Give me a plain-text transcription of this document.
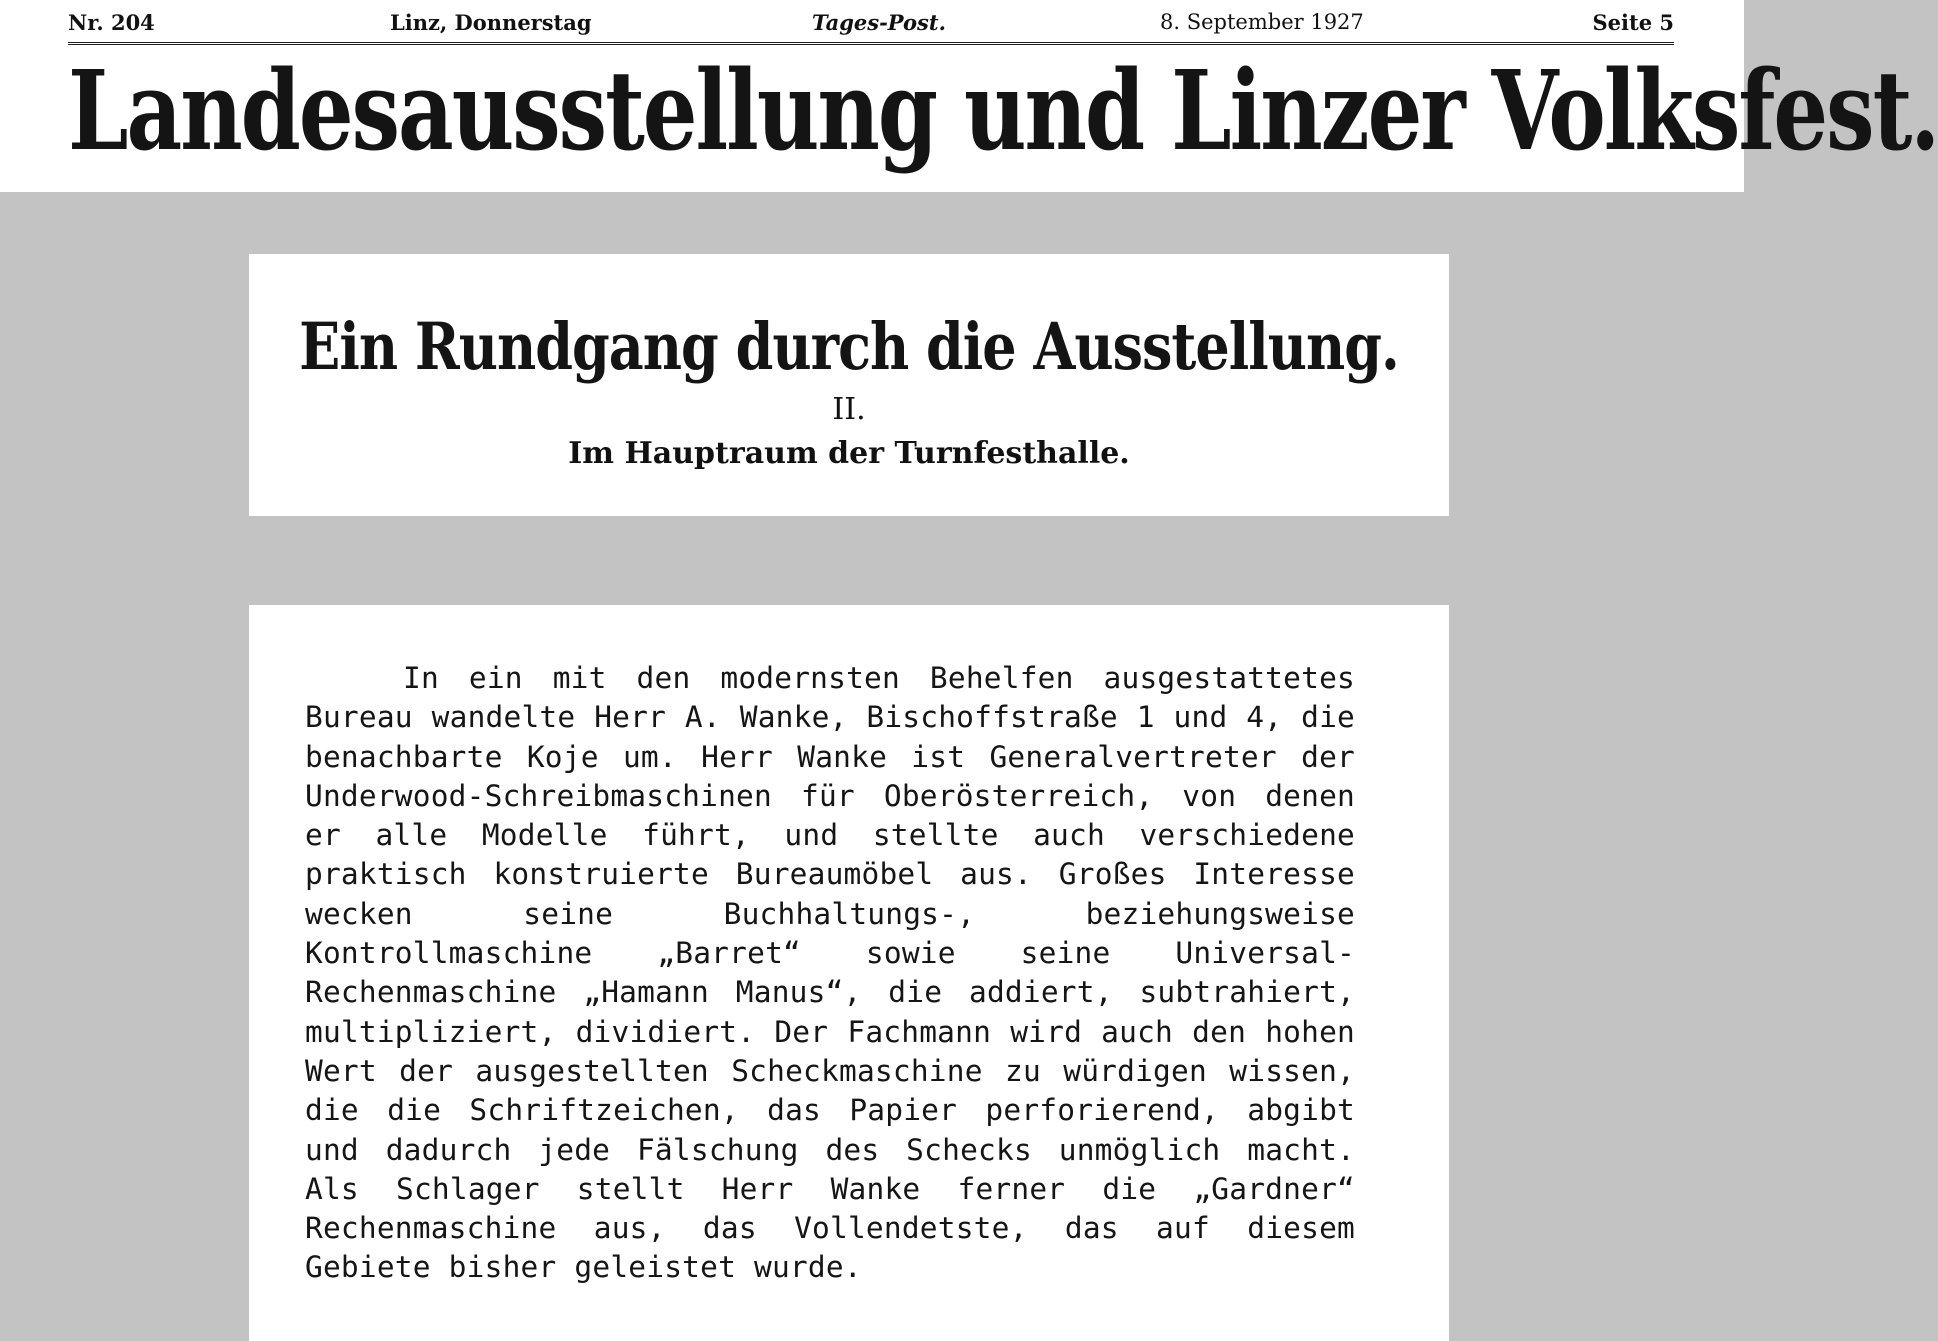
Nr. 204	Linz, Donnerstag	Tages-Post.	8. September 1927	Seite 5
Landesausstellung und Linzer Volksfest.
Ein Rundgang durch die Ausstellung.
II.
Im Hauptraum der Turnfesthalle.

In ein mit den modernsten Behelfen ausgestattetes Bureau wandelte Herr A. Wanke, Bischoffstraße 1 und 4, die benachbarte Koje um. Herr Wanke ist Generalvertreter der Underwood-Schreibmaschinen für Oberösterreich, von denen er alle Modelle führt, und stellte auch verschiedene praktisch konstruierte Bureaumöbel aus. Großes Interesse wecken seine Buchhaltungs-, beziehungsweise Kontrollmaschine „Barret“ sowie seine Universal-Rechenmaschine „Hamann Manus“, die addiert, subtrahiert, multipliziert, dividiert. Der Fachmann wird auch den hohen Wert der ausgestellten Scheckmaschine zu würdigen wissen, die die Schriftzeichen, das Papier perforierend, abgibt und dadurch jede Fälschung des Schecks unmöglich macht. Als Schlager stellt Herr Wanke ferner die „Gardner“ Rechenmaschine aus, das Vollendetste, das auf diesem Gebiete bisher geleistet wurde.
